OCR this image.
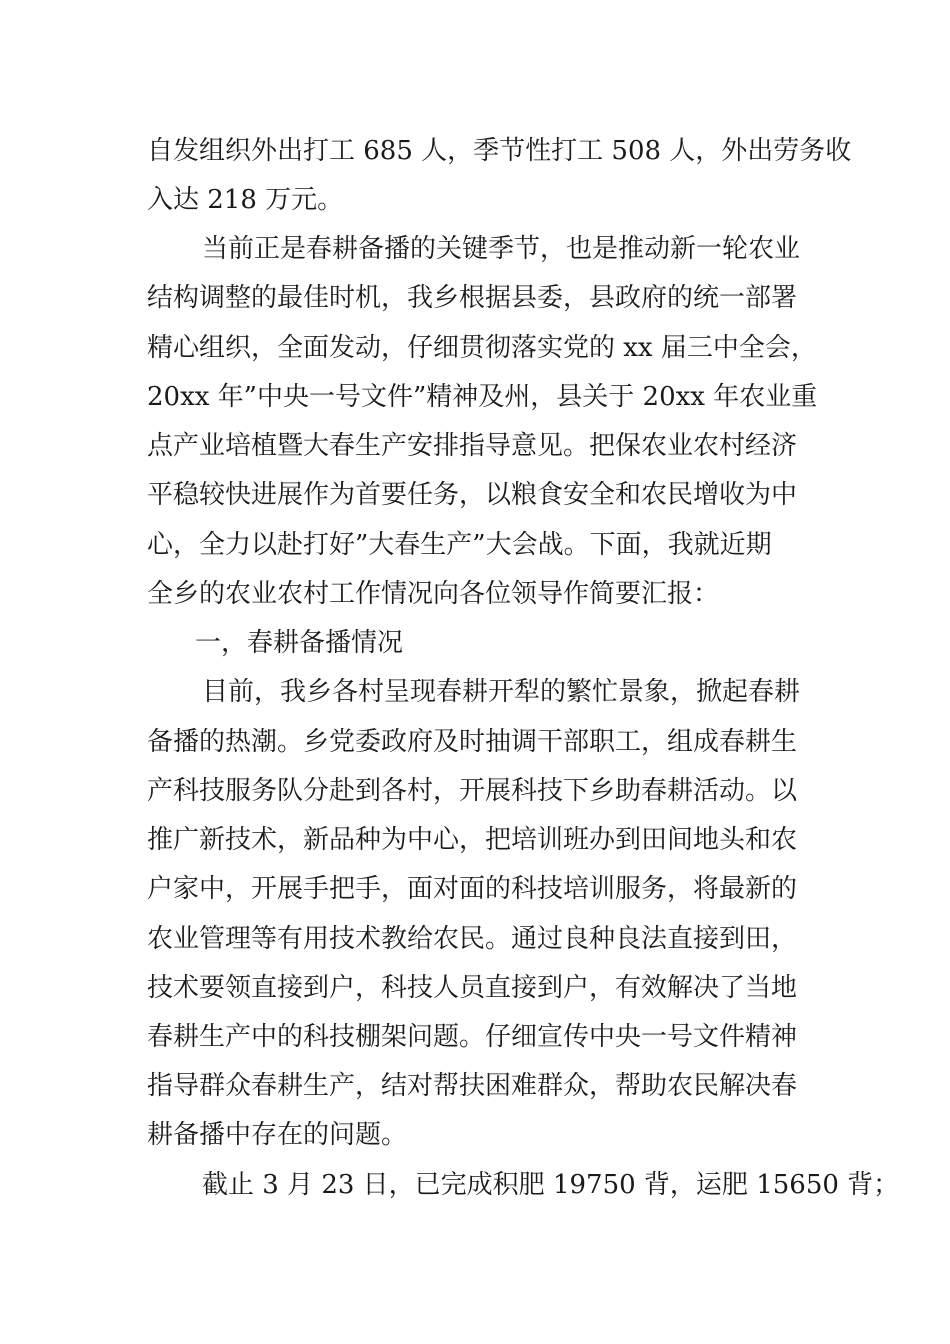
自发组织外出打工 685 人，季节性打工 508 人，外出劳务收
入达 218 万元。
当前正是春耕备播的关键季节，也是推动新一轮农业
结构调整的最佳时机，我乡根据县委，县政府的统一部署
精心组织，全面发动，仔细贯彻落实党的 xx 届三中全会，
20xx 年”中央一号文件”精神及州，县关于 20xx 年农业重
点产业培植暨大春生产安排指导意见。把保农业农村经济
平稳较快进展作为首要任务，以粮食安全和农民增收为中
心，全力以赴打好”大春生产”大会战。下面，我就近期
全乡的农业农村工作情况向各位领导作简要汇报：
一，春耕备播情况
目前，我乡各村呈现春耕开犁的繁忙景象，掀起春耕
备播的热潮。乡党委政府及时抽调干部职工，组成春耕生
产科技服务队分赴到各村，开展科技下乡助春耕活动。以
推广新技术，新品种为中心，把培训班办到田间地头和农
户家中，开展手把手，面对面的科技培训服务，将最新的
农业管理等有用技术教给农民。通过良种良法直接到田，
技术要领直接到户，科技人员直接到户，有效解决了当地
春耕生产中的科技棚架问题。仔细宣传中央一号文件精神
指导群众春耕生产，结对帮扶困难群众，帮助农民解决春
耕备播中存在的问题。
截止 3 月 23 日，已完成积肥 19750 背，运肥 15650 背；
